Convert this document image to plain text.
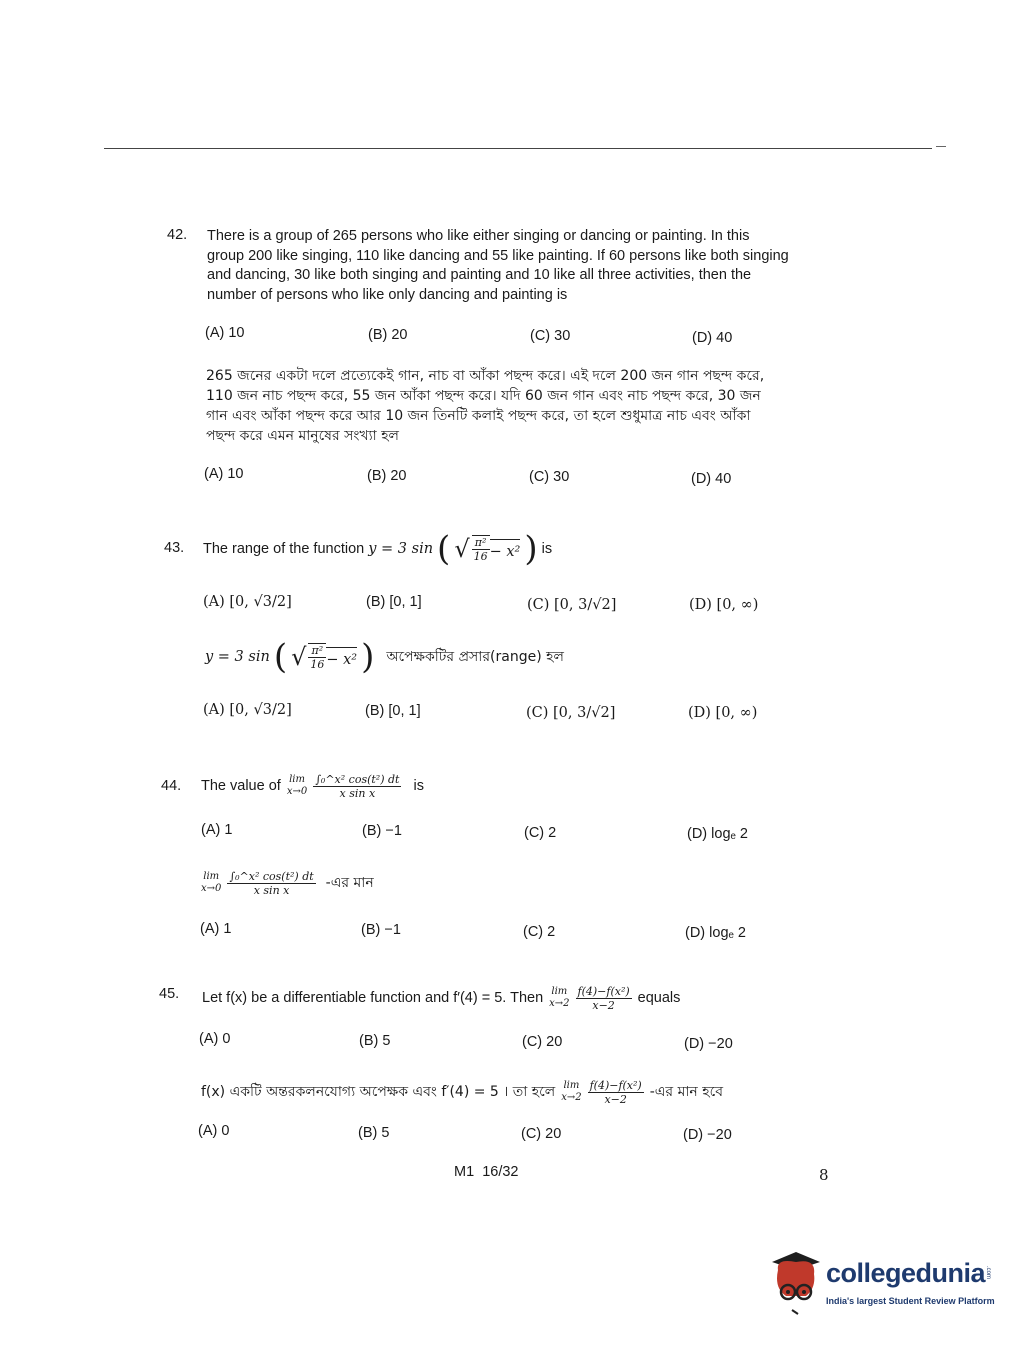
42. There is a group of 265 persons who like either singing or dancing or painting. In this
group 200 like singing, 110 like dancing and 55 like painting. If 60 persons like both singing
and dancing, 30 like both singing and painting and 10 like all three activities, then the
number of persons who like only dancing and painting is
(A) 10	(B) 20	(C) 30	(D) 40
265 জনের একটা দলে প্রত্যেকেই গান, নাচ বা আঁকা পছন্দ করে। এই দলে 200 জন গান পছন্দ করে,
110 জন নাচ পছন্দ করে, 55 জন আঁকা পছন্দ করে। যদি 60 জন গান এবং নাচ পছন্দ করে, 30 জন
গান এবং আঁকা পছন্দ করে আর 10 জন তিনটি কলাই পছন্দ করে, তা হলে শুধুমাত্র নাচ এবং আঁকা
পছন্দ করে এমন মানুষের সংখ্যা হল
(A) 10	(B) 20	(C) 30	(D) 40
43. The range of the function y = 3 sin ( √ $\frac{\text{π²}}{16} - x^2$ ) is
(A) [0, √3/2]	(B) [0, 1]	(C) [0, 3/√2]	(D) [0, ∞)
y = 3 sin ( √ $\frac{\text{π²}}{16} - x^2$ ) অপেক্ষকটির প্রসার(range) হল
(A) [0, √3/2]	(B) [0, 1]	(C) [0, 3/√2]	(D) [0, ∞)
44. The value of lim
$x\to 0 \frac{\text{∫₀\textasciicircum{}x² cos(t²) dt}}{\text{x sin x}}$ is
(A) 1	(B) −1	(C) 2	(D) logₑ 2
lim
$x\to 0 \frac{\text{∫₀\textasciicircum{}x² cos(t²) dt}}{\text{x sin x}}$ -এর মান
(A) 1	(B) −1	(C) 2	(D) logₑ 2
45. Let f(x) be a differentiable function and f′(4) = 5. Then lim
$x\to 2 \frac{\text{f(4)−f(x²)}}{x-2}$ equals
(A) 0	(B) 5	(C) 20	(D) −20
f(x) একটি অন্তরকলনযোগ্য অপেক্ষক এবং f′(4) = 5 । তা হলে lim
$x\to 2 \frac{\text{f(4)−f(x²)}}{x-2}$ -এর মান হবে
(A) 0	(B) 5	(C) 20	(D) −20
M1  16/32	8
collegedunia .com
India's largest Student Review Platform
